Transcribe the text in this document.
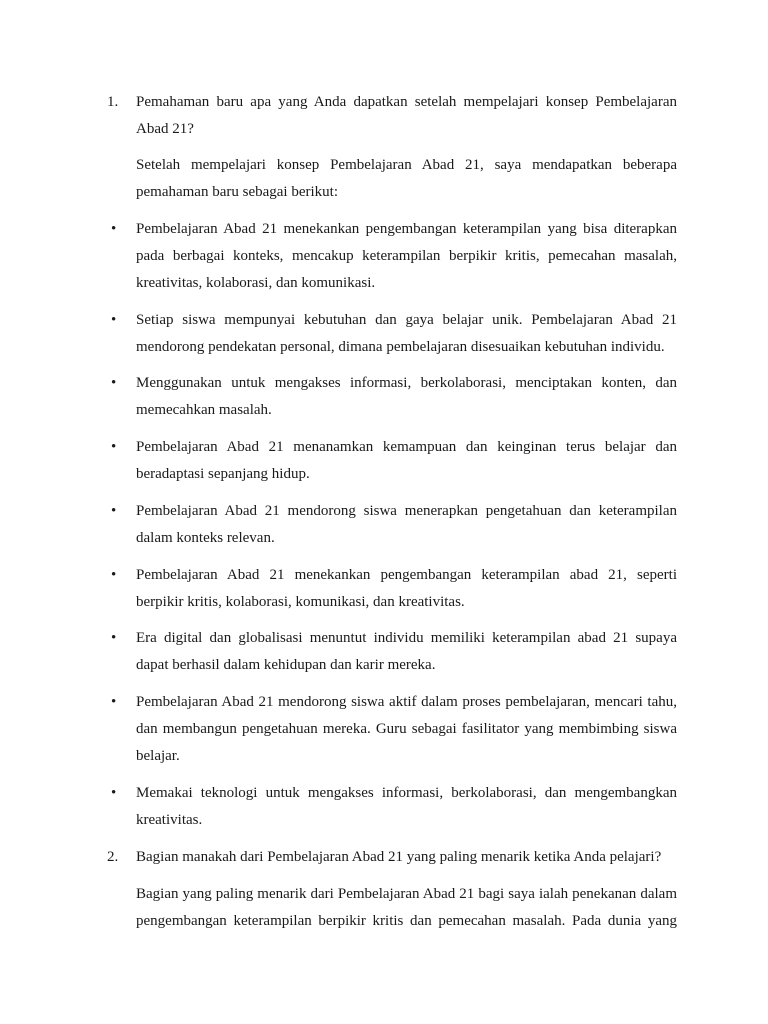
1.	Pemahaman baru apa yang Anda dapatkan setelah mempelajari konsep Pembelajaran Abad 21?
Setelah mempelajari konsep Pembelajaran Abad 21, saya mendapatkan beberapa pemahaman baru sebagai berikut:
•	Pembelajaran Abad 21 menekankan pengembangan keterampilan yang bisa diterapkan pada berbagai konteks, mencakup keterampilan berpikir kritis, pemecahan masalah, kreativitas, kolaborasi, dan komunikasi.
•	Setiap siswa mempunyai kebutuhan dan gaya belajar unik. Pembelajaran Abad 21 mendorong pendekatan personal, dimana pembelajaran disesuaikan kebutuhan individu.
•	Menggunakan untuk mengakses informasi, berkolaborasi, menciptakan konten, dan memecahkan masalah.
•	Pembelajaran Abad 21 menanamkan kemampuan dan keinginan terus belajar dan beradaptasi sepanjang hidup.
•	Pembelajaran Abad 21 mendorong siswa menerapkan pengetahuan dan keterampilan dalam konteks relevan.
•	Pembelajaran Abad 21 menekankan pengembangan keterampilan abad 21, seperti berpikir kritis, kolaborasi, komunikasi, dan kreativitas.
•	Era digital dan globalisasi menuntut individu memiliki keterampilan abad 21 supaya dapat berhasil dalam kehidupan dan karir mereka.
•	Pembelajaran Abad 21 mendorong siswa aktif dalam proses pembelajaran, mencari tahu, dan membangun pengetahuan mereka. Guru sebagai fasilitator yang membimbing siswa belajar.
•	Memakai teknologi untuk mengakses informasi, berkolaborasi, dan mengembangkan kreativitas.
2.	Bagian manakah dari Pembelajaran Abad 21 yang paling menarik ketika Anda pelajari?
Bagian yang paling menarik dari Pembelajaran Abad 21 bagi saya ialah penekanan dalam pengembangan keterampilan berpikir kritis dan pemecahan masalah. Pada dunia yang
